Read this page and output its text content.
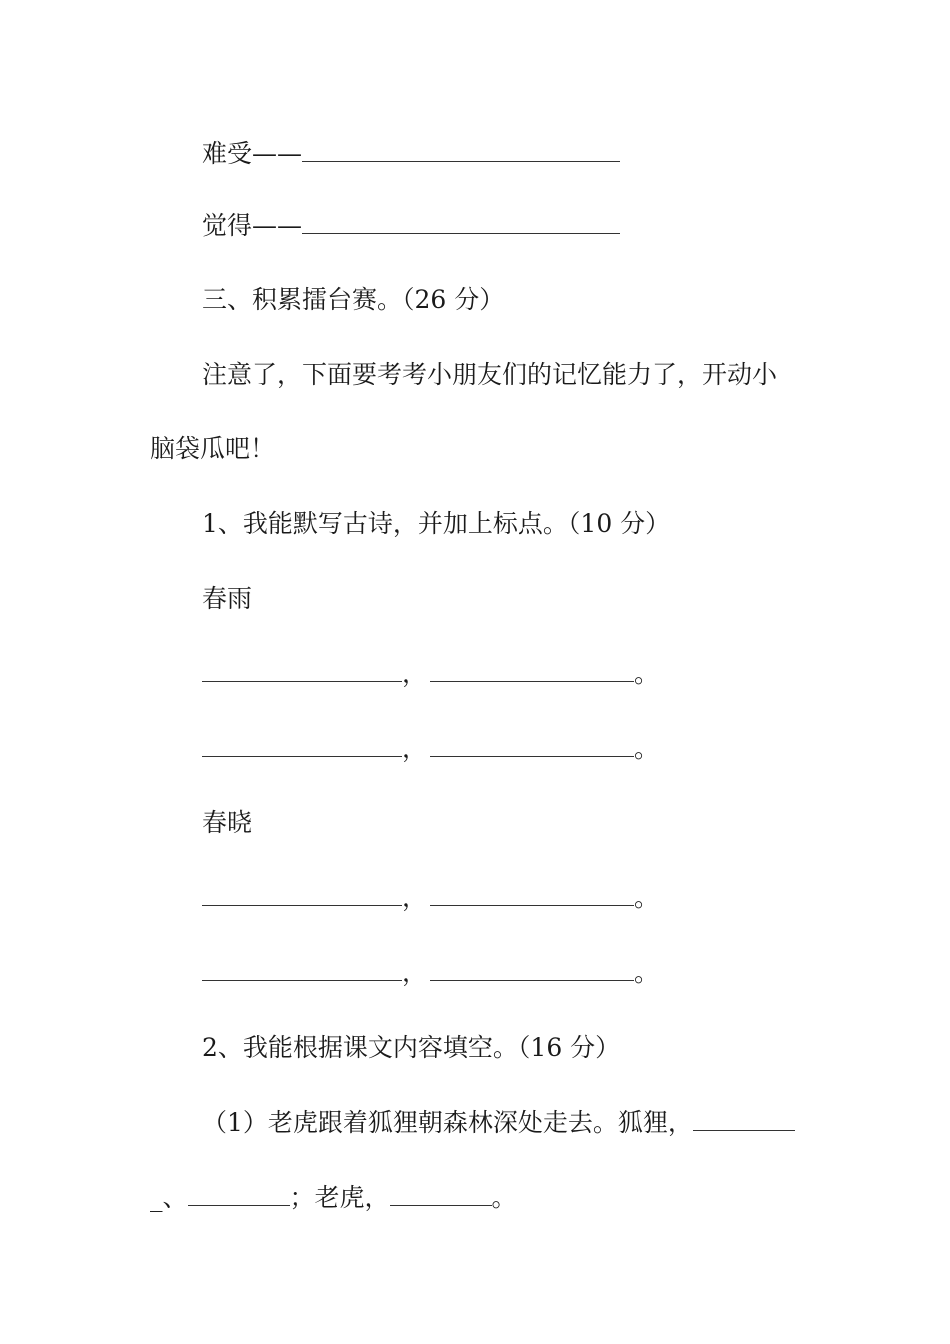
难受——
觉得——
三、积累擂台赛。（26 分）
注意了，下面要考考小朋友们的记忆能力了，开动小
脑袋瓜吧！
1、我能默写古诗，并加上标点。（10 分）
春雨
，	。
，	。
春晓
，	。
，	。
2、我能根据课文内容填空。（16 分）
（1）老虎跟着狐狸朝森林深处走去。狐狸，
_、	；老虎，	。
